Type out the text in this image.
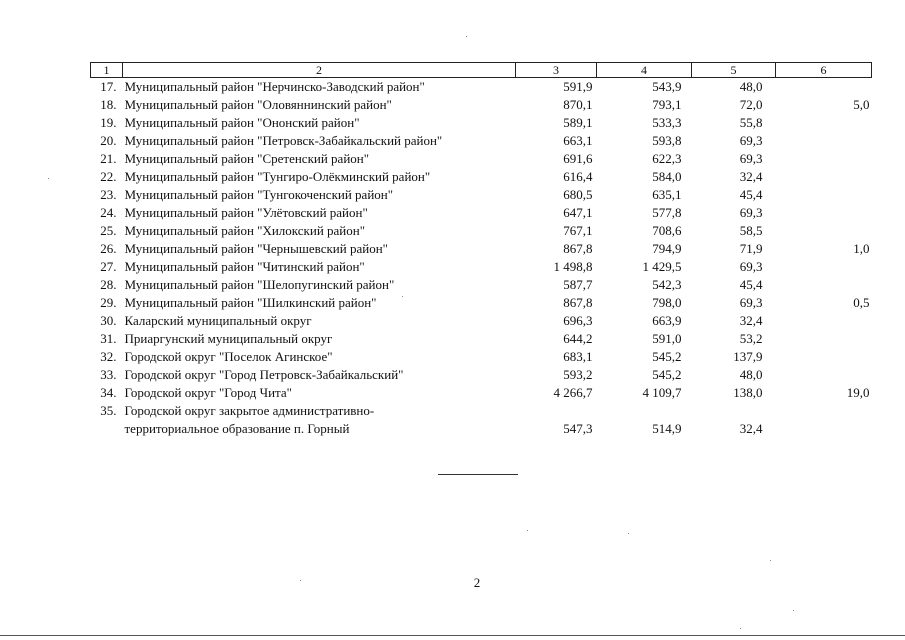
1	2	3	4	5	6
17.	Муниципальный район "Нерчинско-Заводский район"	591,9	543,9	48,0	
18.	Муниципальный район "Оловяннинский район"	870,1	793,1	72,0	5,0
19.	Муниципальный район "Ононский район"	589,1	533,3	55,8	
20.	Муниципальный район "Петровск-Забайкальский район"	663,1	593,8	69,3	
21.	Муниципальный район "Сретенский район"	691,6	622,3	69,3	
22.	Муниципальный район "Тунгиро-Олёкминский район"	616,4	584,0	32,4	
23.	Муниципальный район "Тунгокоченский район"	680,5	635,1	45,4	
24.	Муниципальный район "Улётовский район"	647,1	577,8	69,3	
25.	Муниципальный район "Хилокский район"	767,1	708,6	58,5	
26.	Муниципальный район "Чернышевский район"	867,8	794,9	71,9	1,0
27.	Муниципальный район "Читинский район"	1 498,8	1 429,5	69,3	
28.	Муниципальный район "Шелопугинский район"	587,7	542,3	45,4	
29.	Муниципальный район "Шилкинский район"	867,8	798,0	69,3	0,5
30.	Каларский муниципальный округ	696,3	663,9	32,4	
31.	Приаргунский муниципальный округ	644,2	591,0	53,2	
32.	Городской округ "Поселок Агинское"	683,1	545,2	137,9	
33.	Городской округ "Город Петровск-Забайкальский"	593,2	545,2	48,0	
34.	Городской округ "Город Чита"	4 266,7	4 109,7	138,0	19,0
35.	Городской округ закрытое административно-				
	территориальное образование п. Горный	547,3	514,9	32,4	
2
